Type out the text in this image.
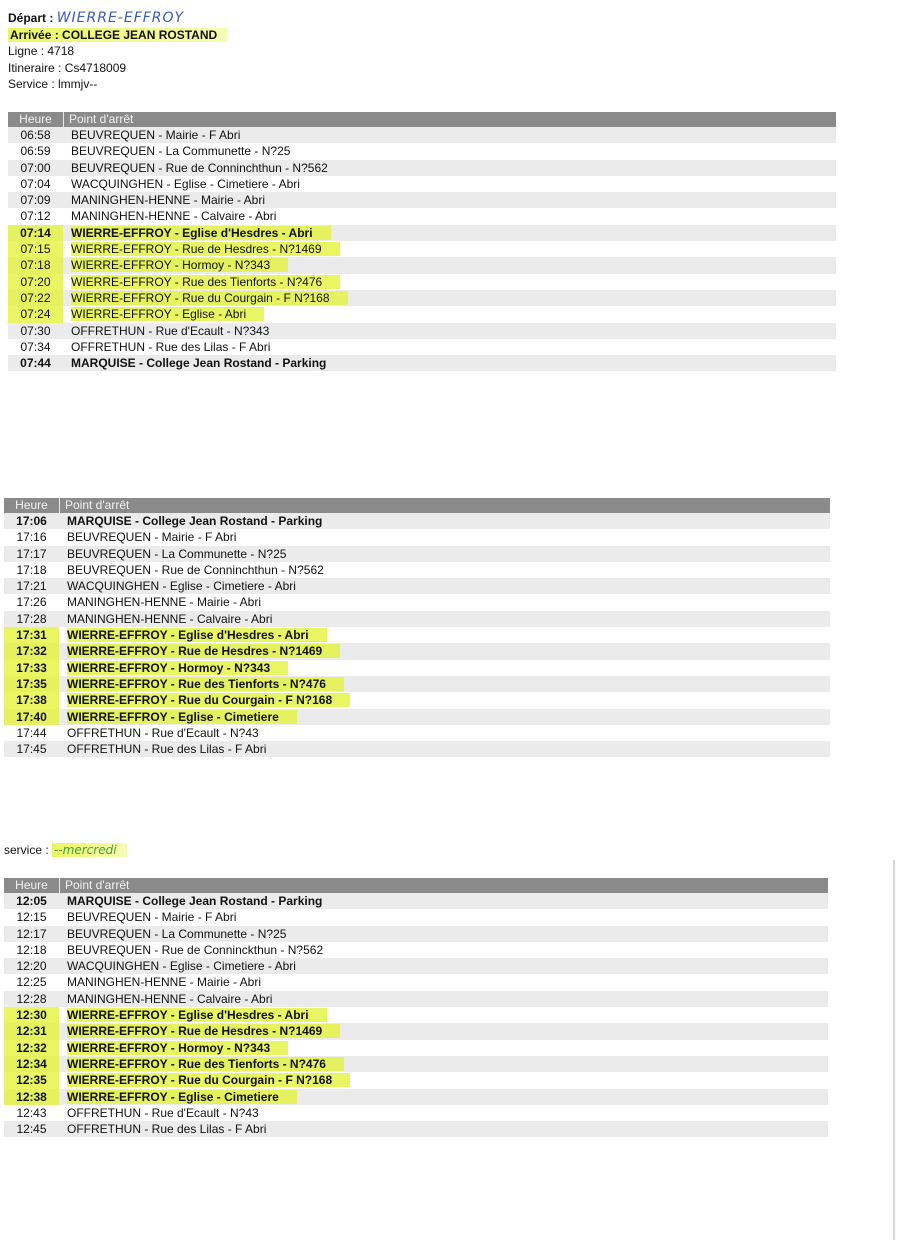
Départ : WIERRE-EFFROY
Arrivée : COLLEGE JEAN ROSTAND
Ligne : 4718
Itineraire : Cs4718009
Service : lmmjv--
Heure	Point d'arrêt
06:58	BEUVREQUEN - Mairie - F Abri
06:59	BEUVREQUEN - La Communette - N?25
07:00	BEUVREQUEN - Rue de Conninchthun - N?562
07:04	WACQUINGHEN - Eglise - Cimetiere - Abri
07:09	MANINGHEN-HENNE - Mairie - Abri
07:12	MANINGHEN-HENNE - Calvaire - Abri
07:14	WIERRE-EFFROY - Eglise d'Hesdres - Abri
07:15	WIERRE-EFFROY - Rue de Hesdres - N?1469
07:18	WIERRE-EFFROY - Hormoy - N?343
07:20	WIERRE-EFFROY - Rue des Tienforts - N?476
07:22	WIERRE-EFFROY - Rue du Courgain - F N?168
07:24	WIERRE-EFFROY - Eglise - Abri
07:30	OFFRETHUN - Rue d'Ecault - N?343
07:34	OFFRETHUN - Rue des Lilas - F Abri
07:44	MARQUISE - College Jean Rostand - Parking
Heure	Point d'arrêt
17:06	MARQUISE - College Jean Rostand - Parking
17:16	BEUVREQUEN - Mairie - F Abri
17:17	BEUVREQUEN - La Communette - N?25
17:18	BEUVREQUEN - Rue de Conninchthun - N?562
17:21	WACQUINGHEN - Eglise - Cimetiere - Abri
17:26	MANINGHEN-HENNE - Mairie - Abri
17:28	MANINGHEN-HENNE - Calvaire - Abri
17:31	WIERRE-EFFROY - Eglise d'Hesdres - Abri
17:32	WIERRE-EFFROY - Rue de Hesdres - N?1469
17:33	WIERRE-EFFROY - Hormoy - N?343
17:35	WIERRE-EFFROY - Rue des Tienforts - N?476
17:38	WIERRE-EFFROY - Rue du Courgain - F N?168
17:40	WIERRE-EFFROY - Eglise - Cimetiere
17:44	OFFRETHUN - Rue d'Ecault - N?43
17:45	OFFRETHUN - Rue des Lilas - F Abri
service : --mercredi
Heure	Point d'arrêt
12:05	MARQUISE - College Jean Rostand - Parking
12:15	BEUVREQUEN - Mairie - F Abri
12:17	BEUVREQUEN - La Communette - N?25
12:18	BEUVREQUEN - Rue de Conninckthun - N?562
12:20	WACQUINGHEN - Eglise - Cimetiere - Abri
12:25	MANINGHEN-HENNE - Mairie - Abri
12:28	MANINGHEN-HENNE - Calvaire - Abri
12:30	WIERRE-EFFROY - Eglise d'Hesdres - Abri
12:31	WIERRE-EFFROY - Rue de Hesdres - N?1469
12:32	WIERRE-EFFROY - Hormoy - N?343
12:34	WIERRE-EFFROY - Rue des Tienforts - N?476
12:35	WIERRE-EFFROY - Rue du Courgain - F N?168
12:38	WIERRE-EFFROY - Eglise - Cimetiere
12:43	OFFRETHUN - Rue d'Ecault - N?43
12:45	OFFRETHUN - Rue des Lilas - F Abri
